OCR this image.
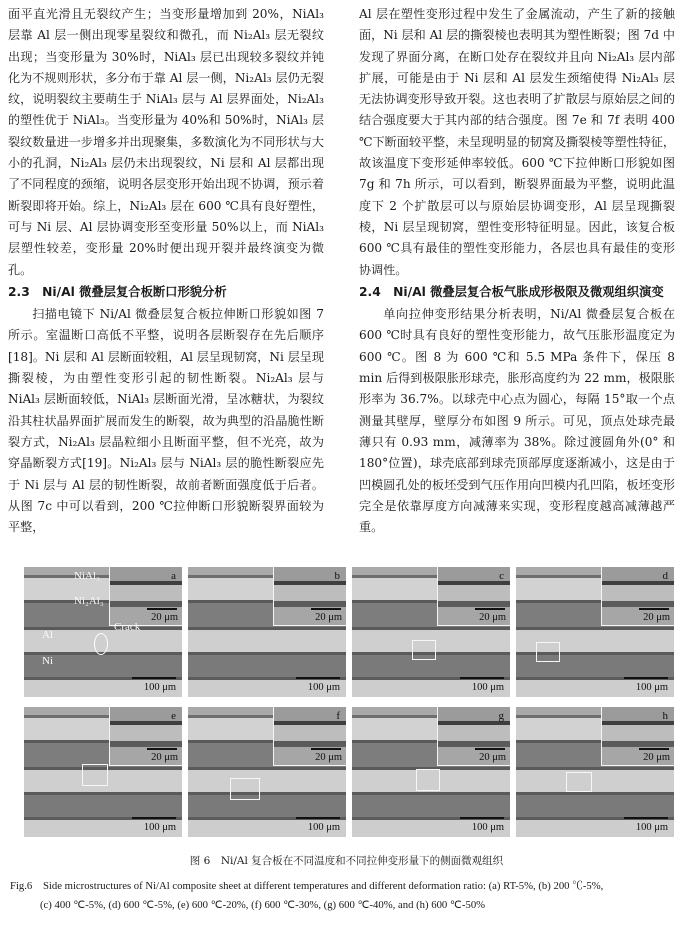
面平直光滑且无裂纹产生；当变形量增加到 20%，NiAl₃ 层靠 Al 层一侧出现零星裂纹和微孔，而 Ni₂Al₃ 层无裂纹出现；当变形量为 30%时，NiAl₃ 层已出现较多裂纹并钝化为不规则形状，多分布于靠 Al 层一侧，Ni₂Al₃ 层仍无裂纹，说明裂纹主要萌生于 NiAl₃ 层与 Al 层界面处，Ni₂Al₃ 的塑性优于 NiAl₃。当变形量为 40%和 50%时，NiAl₃ 层裂纹数量进一步增多并出现聚集，多数演化为不同形状与大小的孔洞，Ni₂Al₃ 层仍未出现裂纹，Ni 层和 Al 层都出现了不同程度的颈缩，说明各层变形开始出现不协调，预示着断裂即将开始。综上，Ni₂Al₃ 层在 600 ℃具有良好塑性，可与 Ni 层、Al 层协调变形至变形量 50%以上，而 NiAl₃ 层塑性较差，变形量 20%时便出现开裂并最终演变为微孔。

2.3　Ni/Al 微叠层复合板断口形貌分析

扫描电镜下 Ni/Al 微叠层复合板拉伸断口形貌如图 7 所示。室温断口高低不平整，说明各层断裂存在先后顺序[18]。Ni 层和 Al 层断面较粗，Al 层呈现韧窝，Ni 层呈现撕裂棱，为由塑性变形引起的韧性断裂。Ni₂Al₃ 层与 NiAl₃ 层断面较低，NiAl₃ 层断面光滑，呈冰糖状，为裂纹沿其柱状晶界面扩展而发生的断裂，故为典型的沿晶脆性断裂方式，Ni₂Al₃ 层晶粒细小且断面平整，但不光亮，故为穿晶断裂方式[19]。Ni₂Al₃ 层与 NiAl₃ 层的脆性断裂应先于 Ni 层与 Al 层的韧性断裂，故前者断面强度低于后者。从图 7c 中可以看到，200 ℃拉伸断口形貌断裂界面较为平整，

Al 层在塑性变形过程中发生了金属流动，产生了新的接触面，Ni 层和 Al 层的撕裂棱也表明其为塑性断裂；图 7d 中发现了界面分离，在断口处存在裂纹并且向 Ni₂Al₃ 层内部扩展，可能是由于 Ni 层和 Al 层发生颈缩使得 Ni₂Al₃ 层无法协调变形导致开裂。这也表明了扩散层与原始层之间的结合强度要大于其内部的结合强度。图 7e 和 7f 表明 400 ℃下断面较平整，未呈现明显的韧窝及撕裂棱等塑性特征，故该温度下变形延伸率较低。600 ℃下拉伸断口形貌如图 7g 和 7h 所示，可以看到，断裂界面最为平整，说明此温度下 2 个扩散层可以与原始层协调变形，Al 层呈现撕裂棱，Ni 层呈现韧窝，塑性变形特征明显。因此，该复合板 600 ℃具有最佳的塑性变形能力，各层也具有最佳的变形协调性。

2.4　Ni/Al 微叠层复合板气胀成形极限及微观组织演变

单向拉伸变形结果分析表明，Ni/Al 微叠层复合板在 600 ℃时具有良好的塑性变形能力，故气压胀形温度定为 600 ℃。图 8 为 600 ℃和 5.5 MPa 条件下，保压 8 min 后得到极限胀形球壳，胀形高度约为 22 mm，极限胀形率为 36.7%。以球壳中心点为圆心，每隔 15°取一个点测量其壁厚，壁厚分布如图 9 所示。可见，顶点处球壳最薄只有 0.93 mm，减薄率为 38%。除过渡圆角外(0° 和 180°位置)，球壳底部到球壳顶部厚度逐渐减小，这是由于凹模圆孔处的板坯受到气压作用向凹模内孔凹陷，板坯变形完全是依靠厚度方向减薄来实现，变形程度越高减薄越严重。

a
20 μm
100 μm
NiAl₃
Ni₂Al₃
Crack
Al
Ni
b
20 μm
100 μm
c
20 μm
100 μm
d
20 μm
100 μm
e
20 μm
100 μm
f
20 μm
100 μm
g
20 μm
100 μm
h
20 μm
100 μm
图 6　Ni/Al 复合板在不同温度和不同拉伸变形量下的侧面微观组织
Fig.6　Side microstructures of Ni/Al composite sheet at different temperatures and different deformation ratio: (a) RT-5%, (b) 200 ℃-5%,
(c) 400 ℃-5%, (d) 600 ℃-5%, (e) 600 ℃-20%, (f) 600 ℃-30%, (g) 600 ℃-40%, and (h) 600 ℃-50%
